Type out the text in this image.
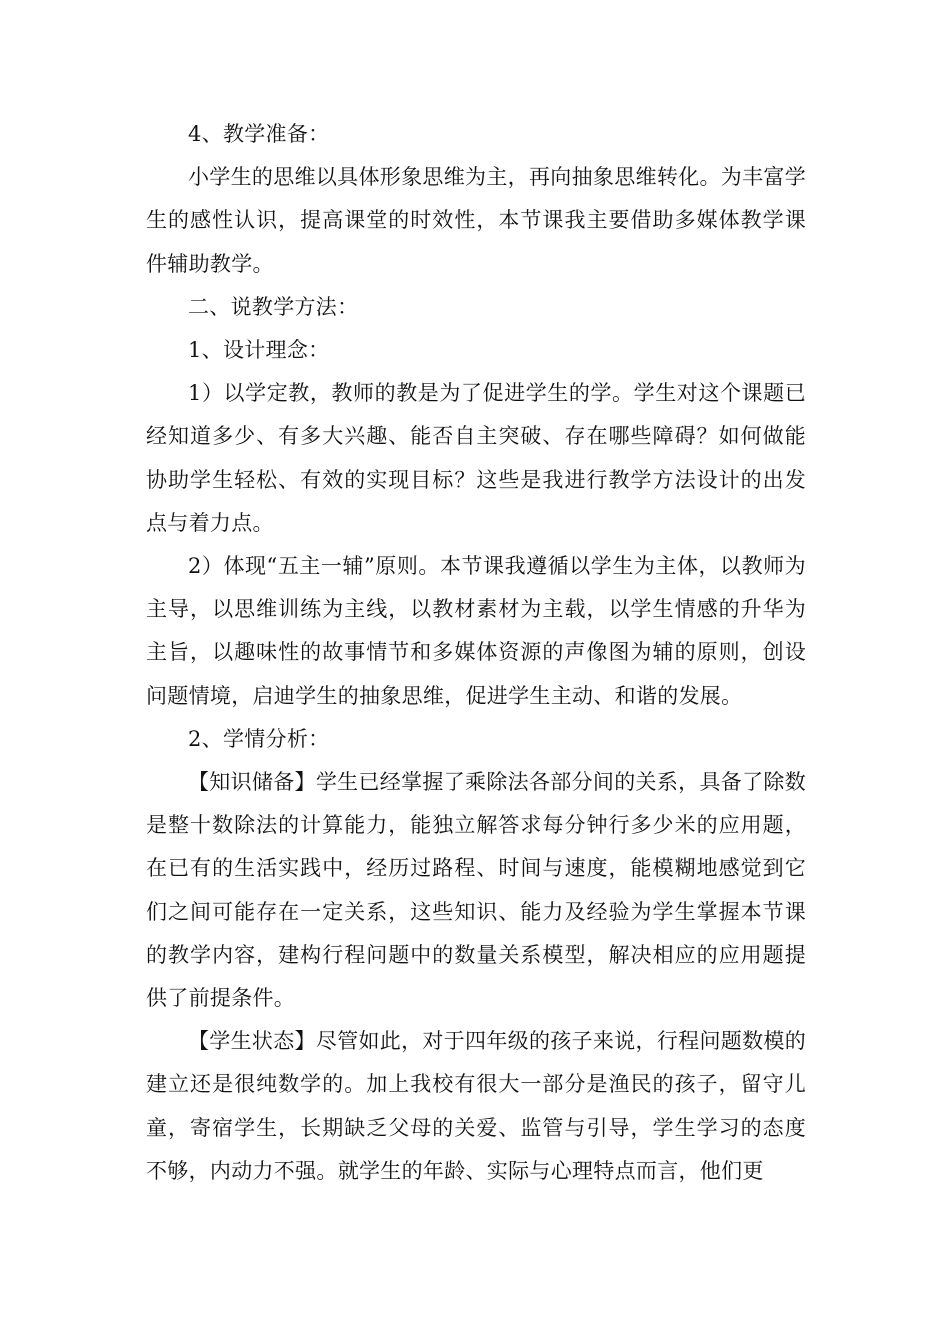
4、教学准备：

小学生的思维以具体形象思维为主，再向抽象思维转化。为丰富学生的感性认识，提高课堂的时效性，本节课我主要借助多媒体教学课件辅助教学。

二、说教学方法：

1、设计理念：

1）以学定教，教师的教是为了促进学生的学。学生对这个课题已经知道多少、有多大兴趣、能否自主突破、存在哪些障碍？如何做能协助学生轻松、有效的实现目标？这些是我进行教学方法设计的出发点与着力点。

2）体现“五主一辅”原则。本节课我遵循以学生为主体，以教师为主导，以思维训练为主线，以教材素材为主载，以学生情感的升华为主旨，以趣味性的故事情节和多媒体资源的声像图为辅的原则，创设问题情境，启迪学生的抽象思维，促进学生主动、和谐的发展。

2、学情分析：

【知识储备】学生已经掌握了乘除法各部分间的关系，具备了除数是整十数除法的计算能力，能独立解答求每分钟行多少米的应用题，在已有的生活实践中，经历过路程、时间与速度，能模糊地感觉到它们之间可能存在一定关系，这些知识、能力及经验为学生掌握本节课的教学内容，建构行程问题中的数量关系模型，解决相应的应用题提供了前提条件。

【学生状态】尽管如此，对于四年级的孩子来说，行程问题数模的建立还是很纯数学的。加上我校有很大一部分是渔民的孩子，留守儿童，寄宿学生，长期缺乏父母的关爱、监管与引导，学生学习的态度不够，内动力不强。就学生的年龄、实际与心理特点而言，他们更
